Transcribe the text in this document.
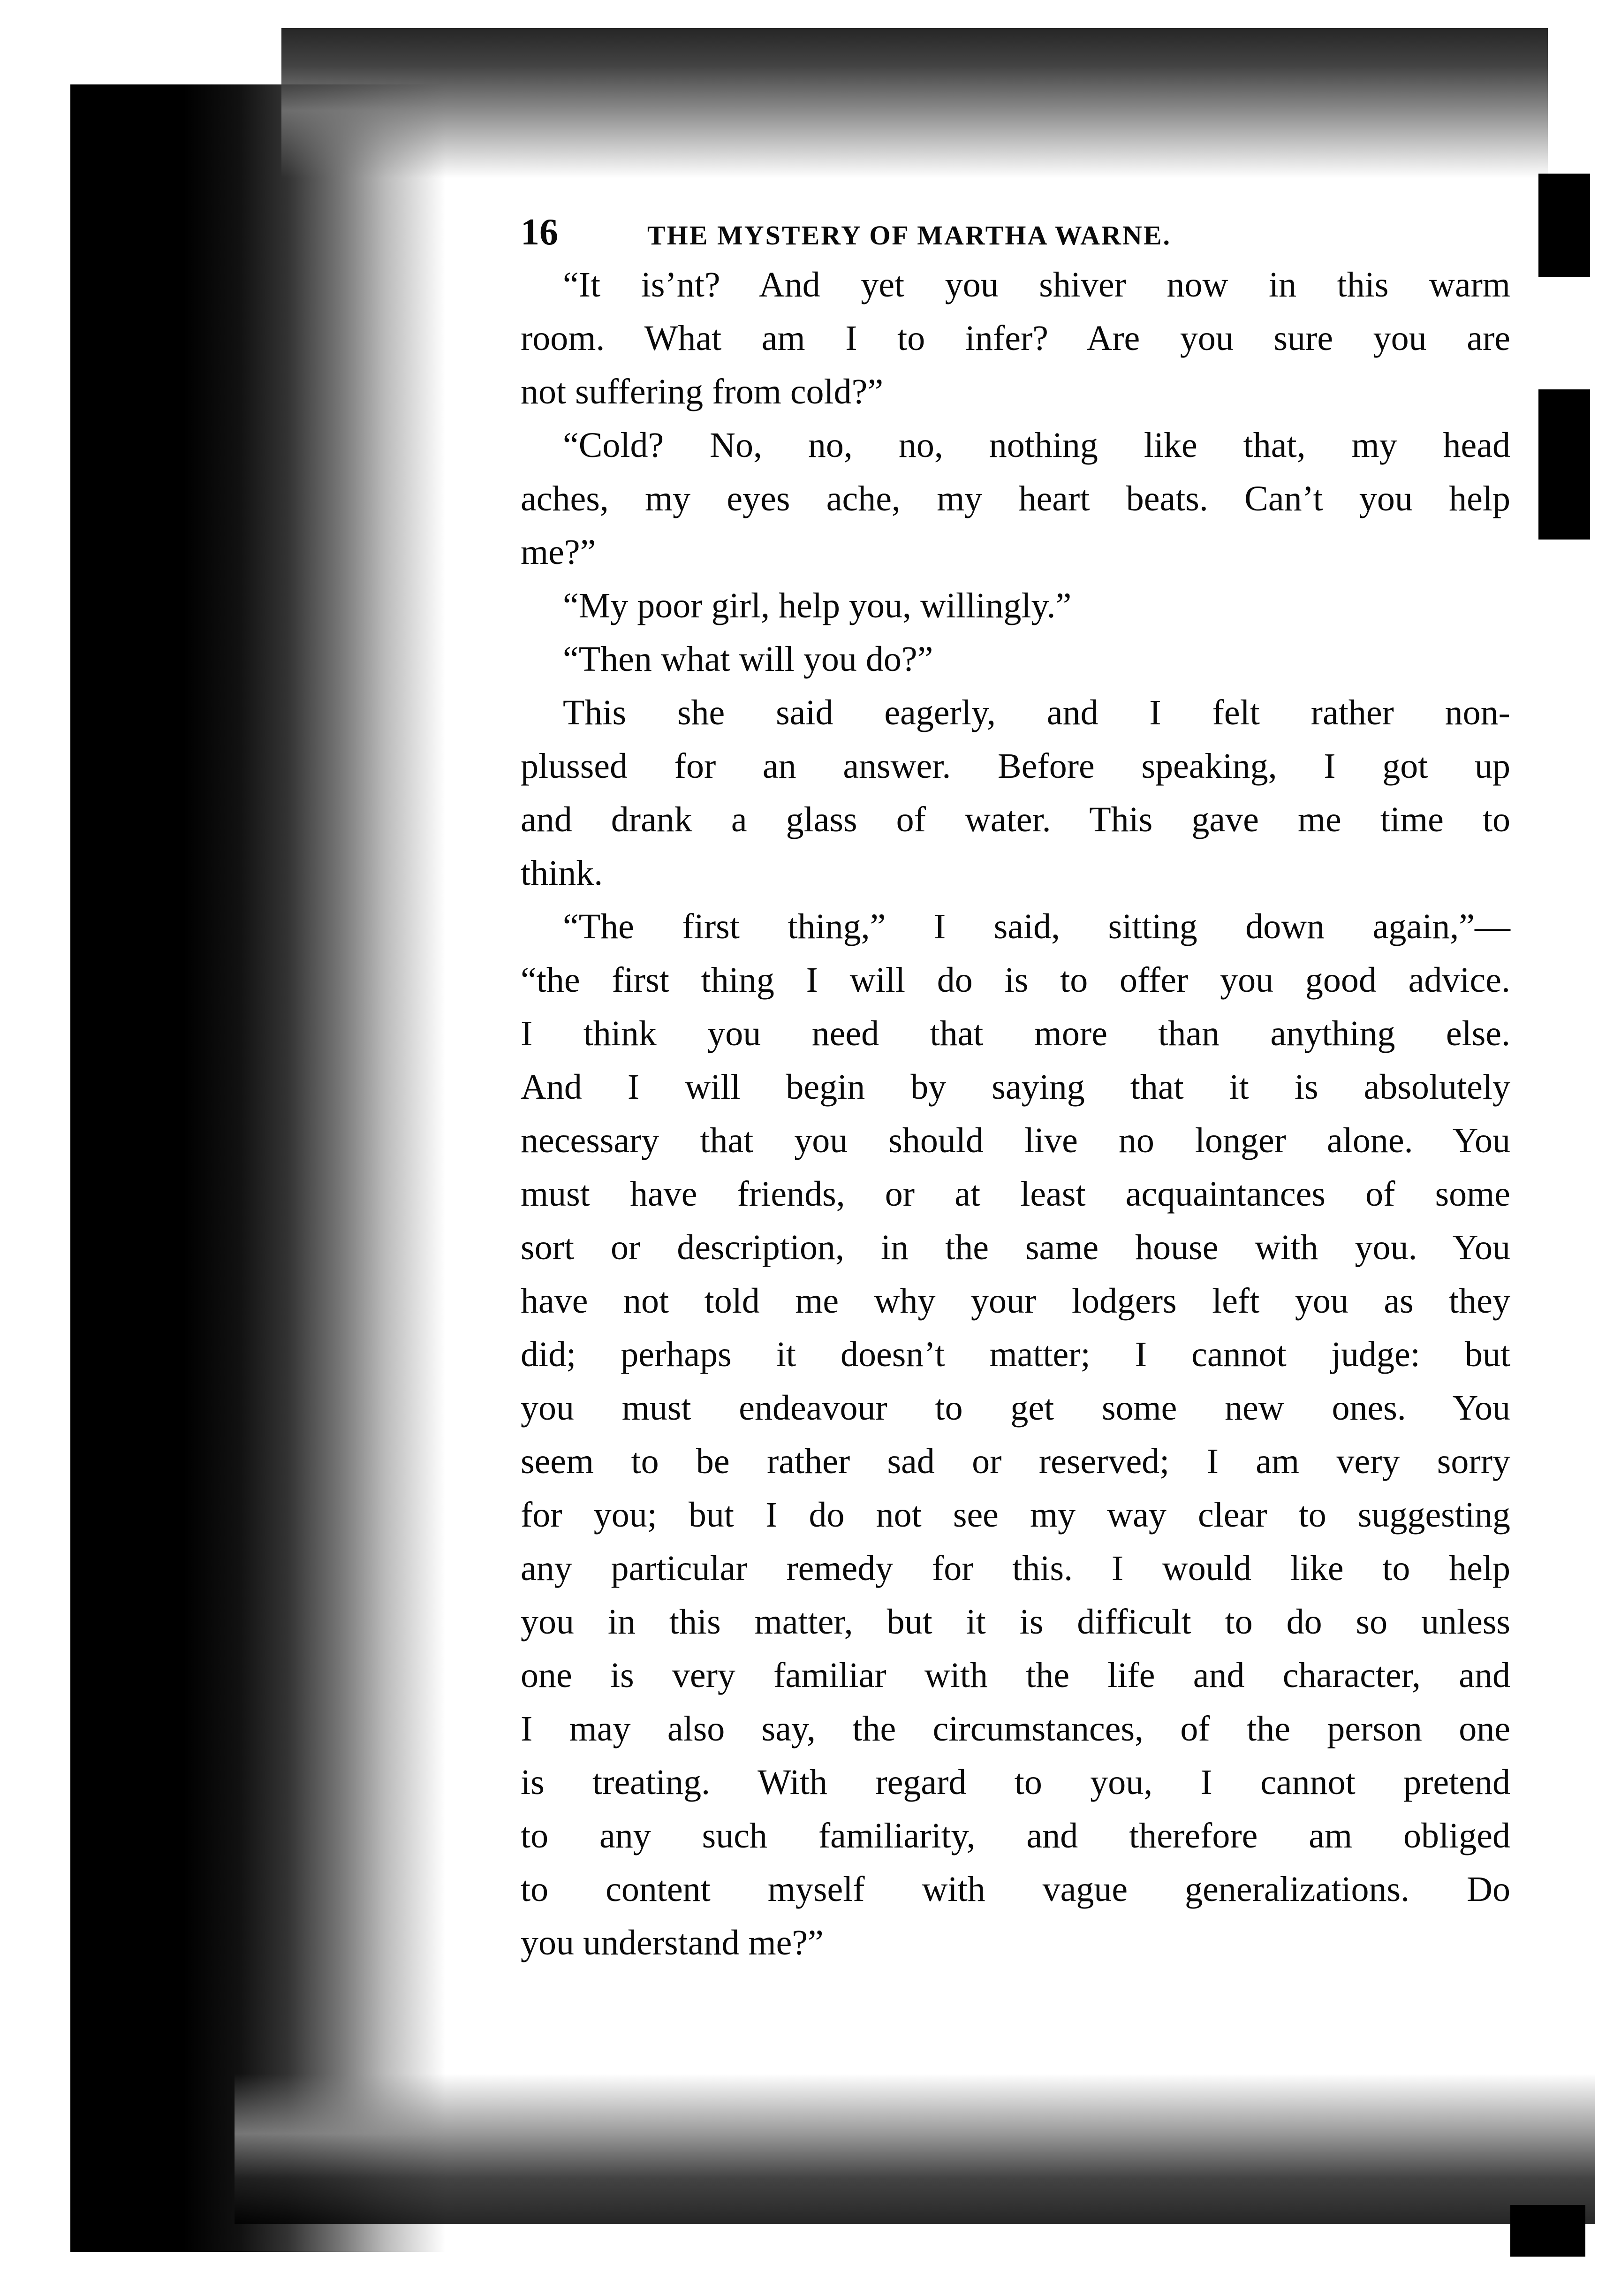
16	THE MYSTERY OF MARTHA WARNE.
“It is’nt? And yet you shiver now in this warm
room. What am I to infer? Are you sure you are
not suffering from cold?”
“Cold? No, no, no, nothing like that, my head
aches, my eyes ache, my heart beats. Can’t you help
me?”
“My poor girl, help you, willingly.”
“Then what will you do?”
This she said eagerly, and I felt rather non-
plussed for an answer. Before speaking, I got up
and drank a glass of water. This gave me time to
think.
“The first thing,” I said, sitting down again,”—
“the first thing I will do is to offer you good advice.
I think you need that more than anything else.
And I will begin by saying that it is absolutely
necessary that you should live no longer alone. You
must have friends, or at least acquaintances of some
sort or description, in the same house with you. You
have not told me why your lodgers left you as they
did; perhaps it doesn’t matter; I cannot judge: but
you must endeavour to get some new ones. You
seem to be rather sad or reserved; I am very sorry
for you; but I do not see my way clear to suggesting
any particular remedy for this. I would like to help
you in this matter, but it is difficult to do so unless
one is very familiar with the life and character, and
I may also say, the circumstances, of the person one
is treating. With regard to you, I cannot pretend
to any such familiarity, and therefore am obliged
to content myself with vague generalizations. Do
you understand me?”
